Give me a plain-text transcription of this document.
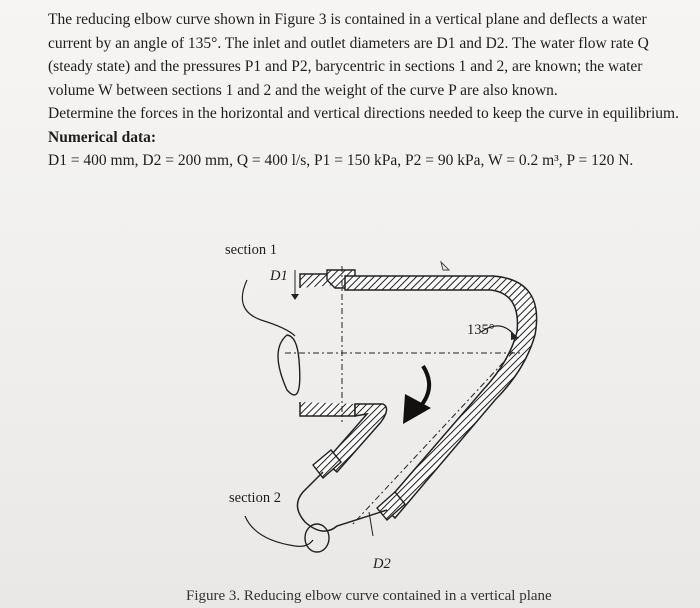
The reducing elbow curve shown in Figure 3 is contained in a vertical plane and deflects a water current by an angle of 135°. The inlet and outlet diameters are D1 and D2. The water flow rate Q (steady state) and the pressures P1 and P2, barycentric in sections 1 and 2, are known; the water volume W between sections 1 and 2 and the weight of the curve P are also known.

Determine the forces in the horizontal and vertical directions needed to keep the curve in equilibrium.

Numerical data:

D1 = 400 mm, D2 = 200 mm, Q = 400 l/s, P1 = 150 kPa, P2 = 90 kPa, W = 0.2 m³, P = 120 N.

section 1
D1
135°
section 2
D2
Figure 3. Reducing elbow curve contained in a vertical plane
